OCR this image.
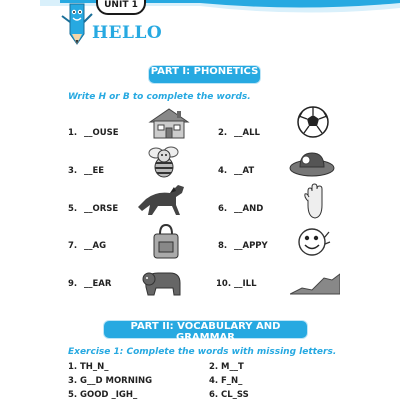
UNIT 1
HELLO
PART I: PHONETICS
Write H or B to complete the words.
1. __OUSE	2. __ALL
3. __EE	4. __AT
5. __ORSE	6. __AND
7. __AG	8. __APPY
9. __EAR	10. __ILL
PART II: VOCABULARY AND GRAMMAR
Exercise 1: Complete the words with missing letters.
1. TH_N_	2. M__T
3. G__D MORNING	4. F_N_
5. GOOD _IGH_	6. CL_SS
